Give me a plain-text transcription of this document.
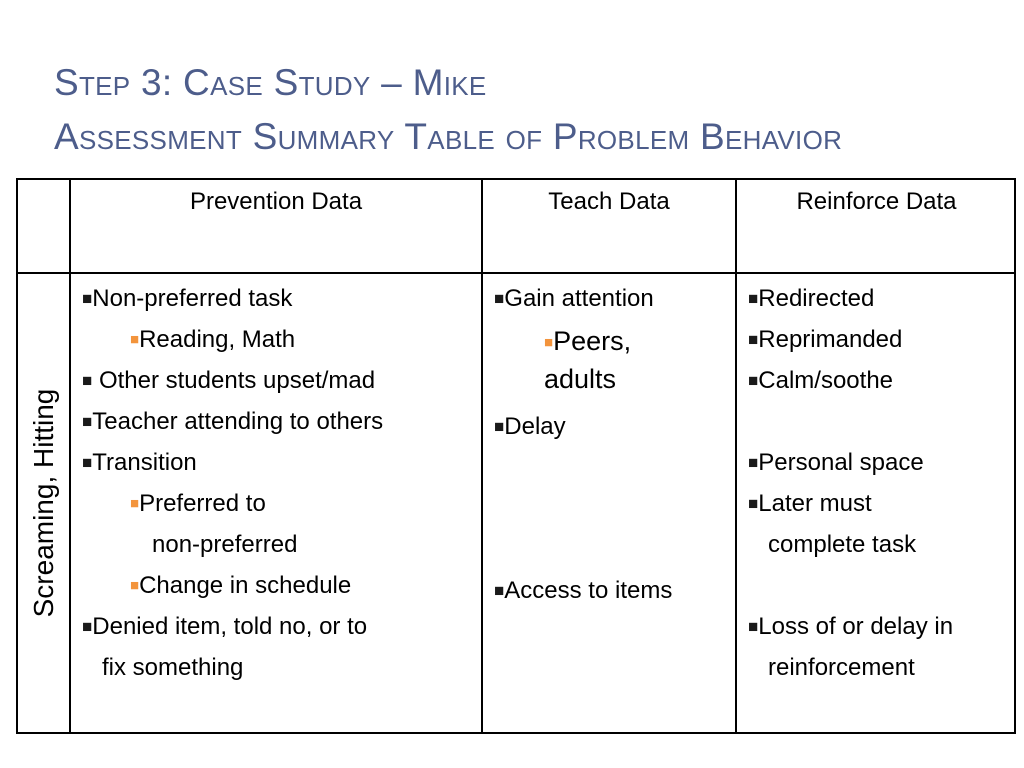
Step 3: Case Study – Mike
Assessment Summary Table of Problem Behavior
Prevention Data	Teach Data	Reinforce Data
Screaming, Hitting
■Non-preferred task
■Reading, Math
■ Other students upset/mad
■Teacher attending to others
■Transition
■Preferred to
non-preferred
■Change in schedule
■Denied item, told no, or to
fix something
■Gain attention
■Peers,
adults
■Delay
■Access to items
■Redirected
■Reprimanded
■Calm/soothe
■Personal space
■Later must
complete task
■Loss of or delay in
reinforcement
